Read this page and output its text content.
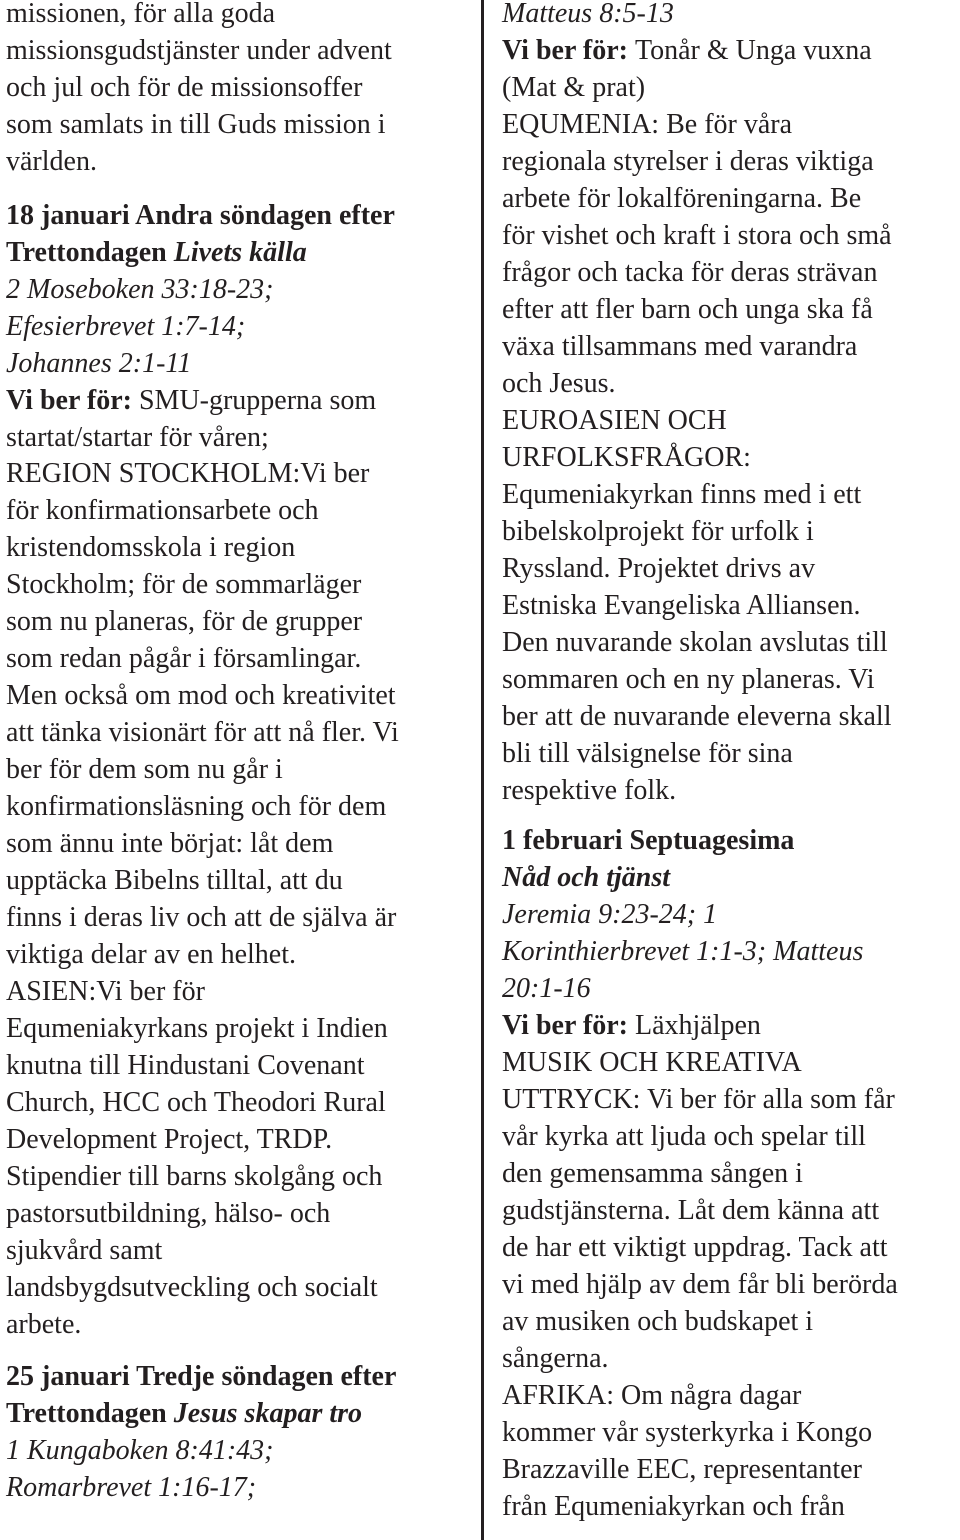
missionen, för alla goda
missionsgudstjänster under advent
och jul och för de missionsoffer
som samlats in till Guds mission i
världen.
18 januari Andra söndagen efter
Trettondagen Livets källa
2 Moseboken 33:18-23;
Efesierbrevet 1:7-14;
Johannes 2:1-11
Vi ber för: SMU-grupperna som
startat/startar för våren;
REGION STOCKHOLM:Vi ber
för konfirmationsarbete och
kristendomsskola i region
Stockholm; för de sommarläger
som nu planeras, för de grupper
som redan pågår i församlingar.
Men också om mod och kreativitet
att tänka visionärt för att nå fler. Vi
ber för dem som nu går i
konfirmationsläsning och för dem
som ännu inte börjat: låt dem
upptäcka Bibelns tilltal, att du
finns i deras liv och att de själva är
viktiga delar av en helhet.
ASIEN:Vi ber för
Equmeniakyrkans projekt i Indien
knutna till Hindustani Covenant
Church, HCC och Theodori Rural
Development Project, TRDP.
Stipendier till barns skolgång och
pastorsutbildning, hälso- och
sjukvård samt
landsbygdsutveckling och socialt
arbete.
25 januari Tredje söndagen efter
Trettondagen Jesus skapar tro
1 Kungaboken 8:41:43;
Romarbrevet 1:16-17;
Matteus 8:5-13
Vi ber för: Tonår & Unga vuxna
(Mat & prat)
EQUMENIA: Be för våra
regionala styrelser i deras viktiga
arbete för lokalföreningarna. Be
för vishet och kraft i stora och små
frågor och tacka för deras strävan
efter att fler barn och unga ska få
växa tillsammans med varandra
och Jesus.
EUROASIEN OCH
URFOLKSFRÅGOR:
Equmeniakyrkan finns med i ett
bibelskolprojekt för urfolk i
Ryssland. Projektet drivs av
Estniska Evangeliska Alliansen.
Den nuvarande skolan avslutas till
sommaren och en ny planeras. Vi
ber att de nuvarande eleverna skall
bli till välsignelse för sina
respektive folk.
1 februari Septuagesima
Nåd och tjänst
Jeremia 9:23-24; 1
Korinthierbrevet 1:1-3; Matteus
20:1-16
Vi ber för: Läxhjälpen
MUSIK OCH KREATIVA
UTTRYCK: Vi ber för alla som får
vår kyrka att ljuda och spelar till
den gemensamma sången i
gudstjänsterna. Låt dem känna att
de har ett viktigt uppdrag. Tack att
vi med hjälp av dem får bli berörda
av musiken och budskapet i
sångerna.
AFRIKA: Om några dagar
kommer vår systerkyrka i Kongo
Brazzaville EEC, representanter
från Equmeniakyrkan och från
